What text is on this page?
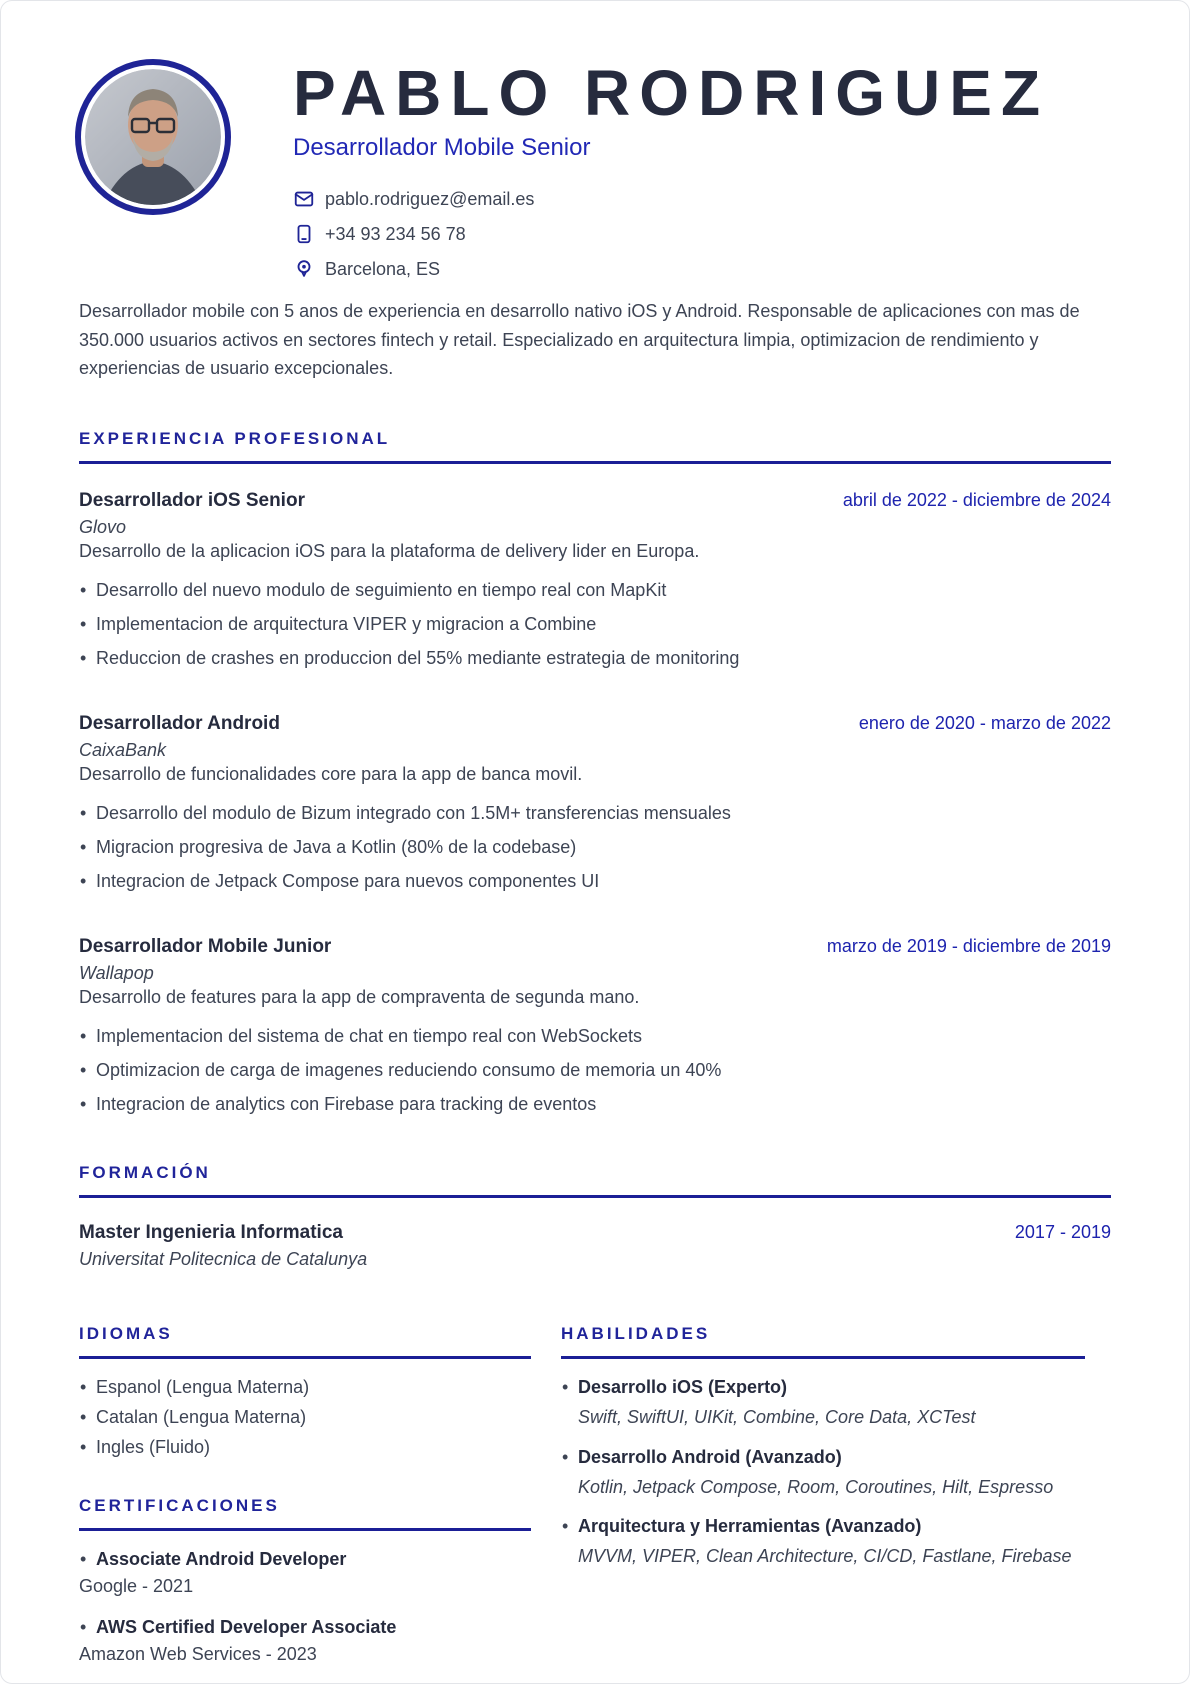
PABLO RODRIGUEZ
Desarrollador Mobile Senior
pablo.rodriguez@email.es
+34 93 234 56 78
Barcelona, ES

Desarrollador mobile con 5 anos de experiencia en desarrollo nativo iOS y Android. Responsable de aplicaciones con mas de 350.000 usuarios activos en sectores fintech y retail. Especializado en arquitectura limpia, optimizacion de rendimiento y experiencias de usuario excepcionales.

EXPERIENCIA PROFESIONAL
Desarrollador iOS Senior	abril de 2022 - diciembre de 2024
Glovo

Desarrollo de la aplicacion iOS para la plataforma de delivery lider en Europa.

• Desarrollo del nuevo modulo de seguimiento en tiempo real con MapKit
• Implementacion de arquitectura VIPER y migracion a Combine
• Reduccion de crashes en produccion del 55% mediante estrategia de monitoring
Desarrollador Android	enero de 2020 - marzo de 2022
CaixaBank

Desarrollo de funcionalidades core para la app de banca movil.

• Desarrollo del modulo de Bizum integrado con 1.5M+ transferencias mensuales
• Migracion progresiva de Java a Kotlin (80% de la codebase)
• Integracion de Jetpack Compose para nuevos componentes UI
Desarrollador Mobile Junior	marzo de 2019 - diciembre de 2019
Wallapop

Desarrollo de features para la app de compraventa de segunda mano.

• Implementacion del sistema de chat en tiempo real con WebSockets
• Optimizacion de carga de imagenes reduciendo consumo de memoria un 40%
• Integracion de analytics con Firebase para tracking de eventos
FORMACIÓN
Master Ingenieria Informatica	2017 - 2019
Universitat Politecnica de Catalunya
IDIOMAS
• Espanol (Lengua Materna)
• Catalan (Lengua Materna)
• Ingles (Fluido)
CERTIFICACIONES
• Associate Android Developer
Google - 2021
• AWS Certified Developer Associate
Amazon Web Services - 2023
HABILIDADES
• Desarrollo iOS (Experto)
Swift, SwiftUI, UIKit, Combine, Core Data, XCTest
• Desarrollo Android (Avanzado)
Kotlin, Jetpack Compose, Room, Coroutines, Hilt, Espresso
• Arquitectura y Herramientas (Avanzado)
MVVM, VIPER, Clean Architecture, CI/CD, Fastlane, Firebase
